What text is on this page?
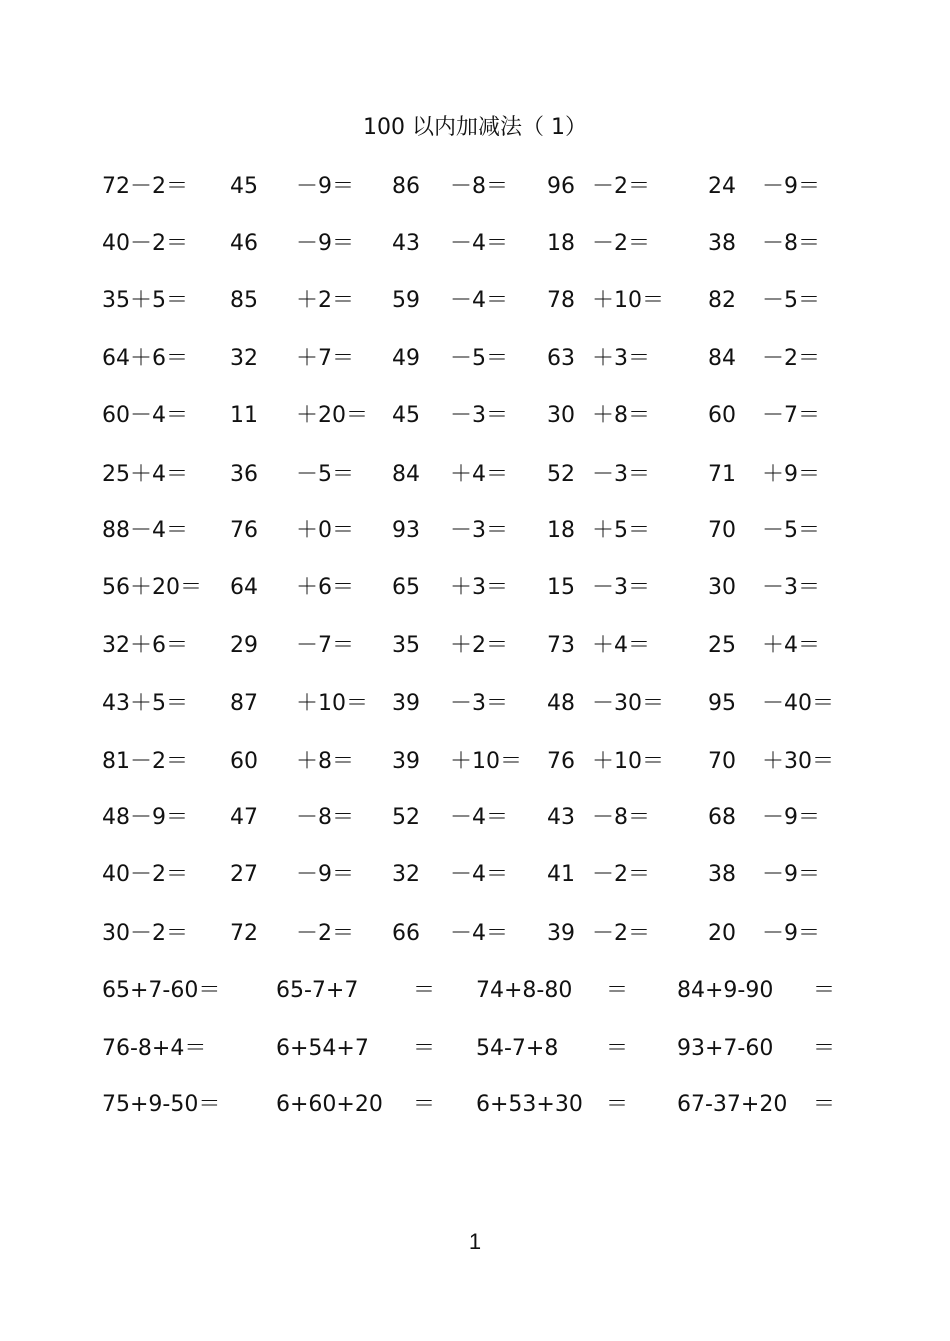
100 以内加减法（ 1）
72－2＝ 45 －9＝ 86 －8＝ 96 －2＝	24 －9＝
40－2＝ 46 －9＝ 43 －4＝ 18 －2＝	38 －8＝
35＋5＝ 85 ＋2＝ 59 －4＝ 78 ＋10＝ 82 －5＝
64＋6＝ 32 ＋7＝ 49 －5＝ 63 ＋3＝	84 －2＝
60－4＝ 11 ＋20＝ 45 －3＝ 30 ＋8＝	60 －7＝
25＋4＝ 36 －5＝ 84 ＋4＝ 52 －3＝	71 ＋9＝
88－4＝ 76 ＋0＝ 93 －3＝ 18 ＋5＝	70 －5＝
56＋20＝ 64 ＋6＝ 65 ＋3＝ 15 －3＝	30 －3＝
32＋6＝ 29 －7＝ 35 ＋2＝ 73 ＋4＝	25 ＋4＝
43＋5＝ 87 ＋10＝ 39 －3＝ 48 －30＝ 95 －40＝
81－2＝ 60 ＋8＝ 39 ＋10＝ 76 ＋10＝ 70 ＋30＝
48－9＝ 47 －8＝ 52 －4＝ 43 －8＝	68 －9＝
40－2＝ 27 －9＝ 32 －4＝ 41 －2＝	38 －9＝
30－2＝ 72 －2＝ 66 －4＝ 39 －2＝	20 －9＝
65+7-60＝	65-7+7 ＝ 74+8-80 ＝ 84+9-90 ＝
76-8+4＝	6+54+7 ＝ 54-7+8 ＝ 93+7-60 ＝
75+9-50＝	6+60+20 ＝ 6+53+30 ＝ 67-37+20 ＝
1
